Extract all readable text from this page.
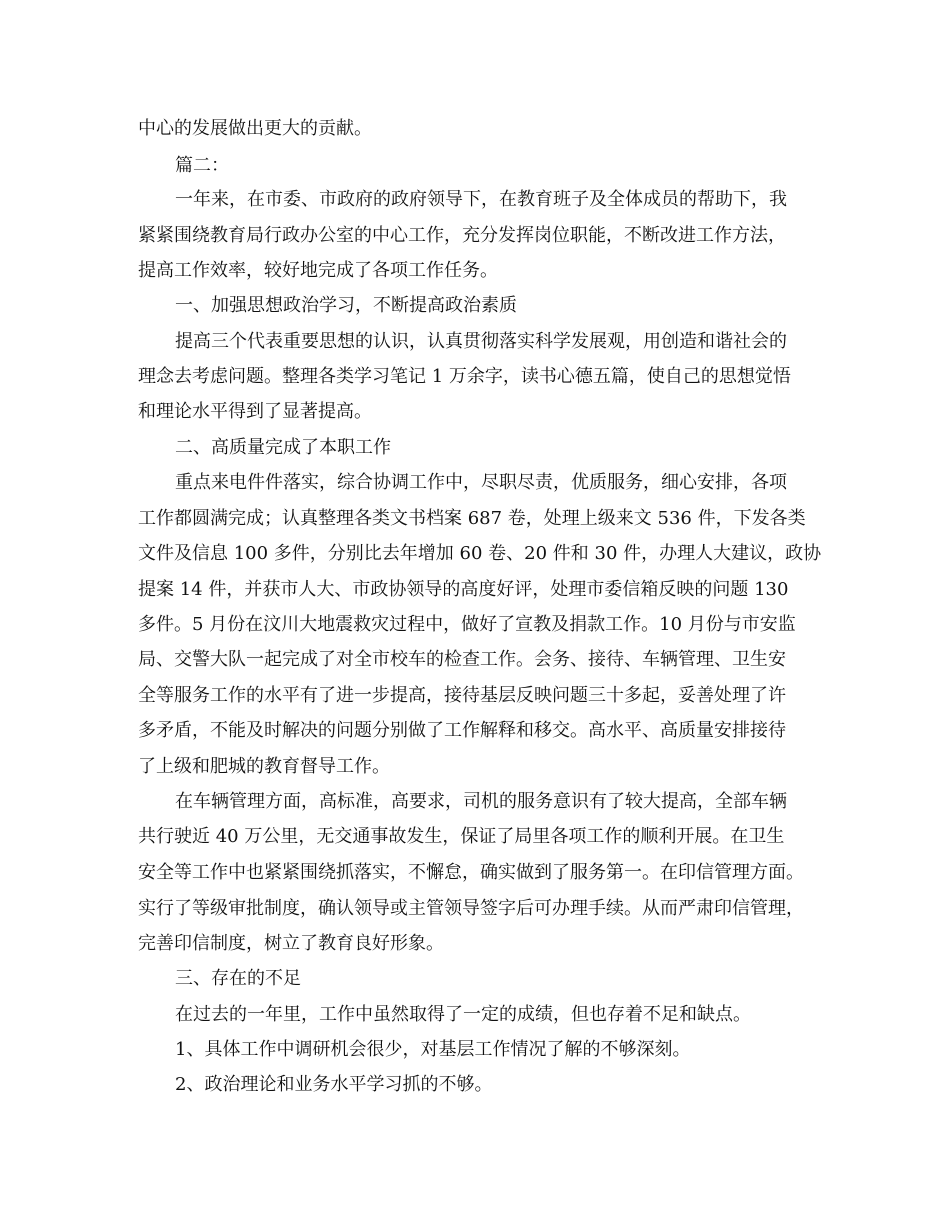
中心的发展做出更大的贡献。
篇二：
一年来，在市委、市政府的政府领导下，在教育班子及全体成员的帮助下，我
紧紧围绕教育局行政办公室的中心工作，充分发挥岗位职能，不断改进工作方法，
提高工作效率，较好地完成了各项工作任务。
一、加强思想政治学习，不断提高政治素质
提高三个代表重要思想的认识，认真贯彻落实科学发展观，用创造和谐社会的
理念去考虑问题。整理各类学习笔记 1 万余字，读书心德五篇，使自己的思想觉悟
和理论水平得到了显著提高。
二、高质量完成了本职工作
重点来电件件落实，综合协调工作中，尽职尽责，优质服务，细心安排，各项
工作都圆满完成；认真整理各类文书档案 687 卷，处理上级来文 536 件，下发各类
文件及信息 100 多件，分别比去年增加 60 卷、20 件和 30 件，办理人大建议，政协
提案 14 件，并获市人大、市政协领导的高度好评，处理市委信箱反映的问题 130
多件。5 月份在汶川大地震救灾过程中，做好了宣教及捐款工作。10 月份与市安监
局、交警大队一起完成了对全市校车的检查工作。会务、接待、车辆管理、卫生安
全等服务工作的水平有了进一步提高，接待基层反映问题三十多起，妥善处理了许
多矛盾，不能及时解决的问题分别做了工作解释和移交。高水平、高质量安排接待
了上级和肥城的教育督导工作。
在车辆管理方面，高标准，高要求，司机的服务意识有了较大提高，全部车辆
共行驶近 40 万公里，无交通事故发生，保证了局里各项工作的顺利开展。在卫生
安全等工作中也紧紧围绕抓落实，不懈怠，确实做到了服务第一。在印信管理方面。
实行了等级审批制度，确认领导或主管领导签字后可办理手续。从而严肃印信管理，
完善印信制度，树立了教育良好形象。
三、存在的不足
在过去的一年里，工作中虽然取得了一定的成绩，但也存着不足和缺点。
1、具体工作中调研机会很少，对基层工作情况了解的不够深刻。
2、政治理论和业务水平学习抓的不够。
